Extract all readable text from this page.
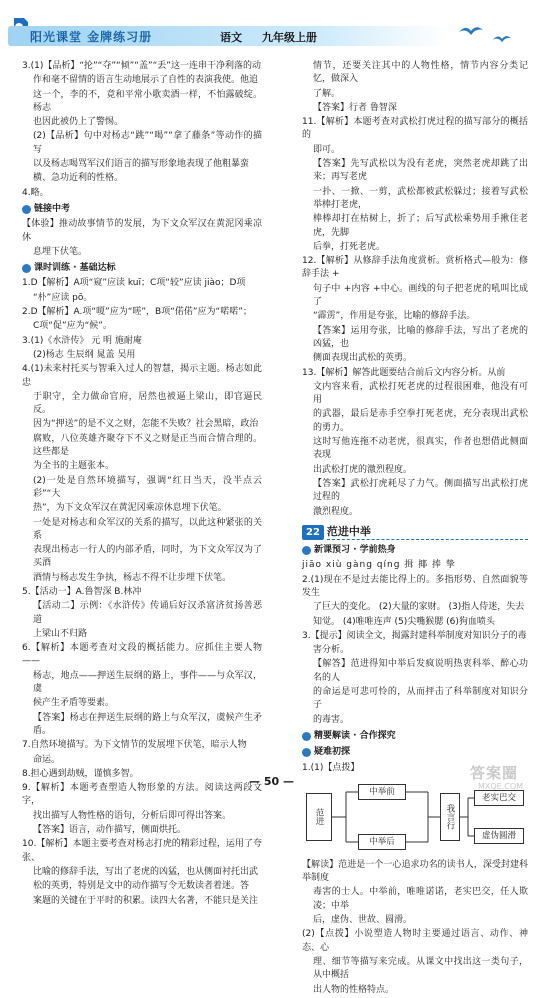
阳光课堂 金牌练习册	语文 九年级上册

3.(1)【品析】“抡”“夺”“倾”“盖”“丢”这一连串干净利落的动

作和毫不留情的语言生动地展示了自性的表演我使。他追

这一个，李的不，竟和平常小歌卖酒一样，不怕露破绽。杨志

也因此被仍上了警惕。

(2)【品析】句中对杨志“跳”“喝”“拿了藤条”等动作的描写

以及杨志喝骂军汉们语言的描写形象地表现了他粗暴蛮

横、急功近利的性格。

4.略。

链接中考

【体验】推动故事情节的发展，为下文众军汉在黄泥冈乘凉休

息埋下伏笔。

课时训练 · 基础达标

1.D【解析】A项“窥”应读 kuī；C项“较”应读 jiào；D项

“朴”应读 pō。

2.D【解析】A.项“嗄”应为“嗟”，B项“偌偌”应为“喏喏”；

C项“促”应为“候”。

3.(1)《水浒传》 元 明 施耐庵

(2)杨志 生辰纲 晁盖 吴用

4.(1)未来村托买与智乘入过人的智慧，揭示主题。杨志如此忠

于职守，全力做命官府，居然也被逼上梁山，即官逼民反。

因为“押送”的是不义之财，怎能不失败？社会黑暗，政治

腐败，八位英雄齐聚夺下不义之财是正当而合情合理的。这些都是

为全书的主题张本。

(2)一处是自然环境描写，强调“红日当天，没半点云彩”“大

热”，为下文众军汉在黄泥冈乘凉休息埋下伏笔。

一处是对杨志和众军汉的关系的描写，以此这种紧张的关系

表现出杨志一行人的内部矛盾，同时，为下文众军汉为了买酒

酒情与杨志发生争执，杨志不得不让步埋下伏笔。

5.【活动一】A.鲁智深 B.林冲

【活动二】示例：《水浒传》传诵后好汉杀富济贫扬善恶道

上梁山不归路

6.【解析】本题考查对文段的概括能力。应抓住主要人物——

杨志，地点——押送生辰纲的路上，事件——与众军汉，虞

候产生矛盾等要素。

【答案】杨志在押送生辰纲的路上与众军汉，虞候产生矛盾。

7.自然环境描写。为下文情节的发展埋下伏笔，暗示人物

命运。

8.担心遇到劫贼，谨慎多智。

9.【解析】本题考查塑造人物形象的方法。阅读这两段文字，

找出描写人物性格的语句，分析后即可得出答案。

【答案】语言，动作描写，侧面烘托。

10.【解析】本题主要考查对杨志打虎的精彩过程，运用了夸张、

比喻的修辞手法，写出了老虎的凶猛，也从侧面衬托出武

松的英勇，特别是文中的动作描写令无数读者着迷。答

案题的关键在于平时的积累。读四大名著，不能只是关注

情节，还要关注其中的人物性格，情节内容分类记忆，做深入

了解。

【答案】行者 鲁智深

11.【解析】本题考查对武松打虎过程的描写部分的概括的

即可。

【答案】先写武松以为没有老虎，突然老虎却跳了出来；再写老虎

一扑、一掀、一剪，武松都被武松躲过；接着写武松举棒打老虎，

棒棒却打在枯树上，折了；后写武松乘势用手揪住老虎，先脚

后拳，打死老虎。

12.【解析】从修辞手法角度赏析。赏析格式—般为：修辞手法 +

句子中 +内容 +中心。画线的句子把老虎的吼叫比成了

“霹雳”，作用是夸张，比喻的修辞手法。

【答案】运用夸张，比喻的修辞手法，写出了老虎的凶猛，也

侧面表现出武松的英勇。

13.【解析】解答此题要结合前后文内容分析。从前

文内容来看，武松打死老虎的过程很困难，他没有可用

的武器，最后是赤手空拳打死老虎，充分表现出武松的勇力。

这时写他连拖不动老虎，很真实，作者也想借此侧面表现

出武松打虎的激烈程度。

【答案】武松打虎耗尽了力气。侧面描写出武松打虎过程的

激烈程度。

22 范进中举
新课预习 · 学前热身

jiāo xiù gàng qíng 揖 揶 捧 挚

2.(1)现在不是过去能比得上的。多指形势、自然面貌等发生

了巨大的变化。 (2)大量的家财。 (3)指人侍迷，失去

知觉。 (4)唯唯连声 (5)尖嘴猴腮 (6)狗血喷头

3.【提示】阅读全文，揭露封建科举制度对知识分子的毒

害分析。

【解答】范进得知中举后发疯说明热衷科举、醉心功名的人

的命运是可悲可怜的，从而抨击了科举制度对知识分子

的毒害。

精要解读 · 合作探究
疑难初探

1.(1)【点拨】

范进
中举前
中举后
我言行
老实巴交
虚伪圆滑

【解读】范进是一个一心追求功名的读书人，深受封建科举制度

毒害的士人。中举前，唯唯诺诺，老实巴交，任人欺凌；中举

后，虚伪、世故、圆滑。

(2)【点拨】小说塑造人物时主要通过语言、动作、神态、心

理、细节等描写来完成。从课文中找出这一类句子，从中概括

出人物的性格特点。

— 50 —	答案圈
MXQE.COM
